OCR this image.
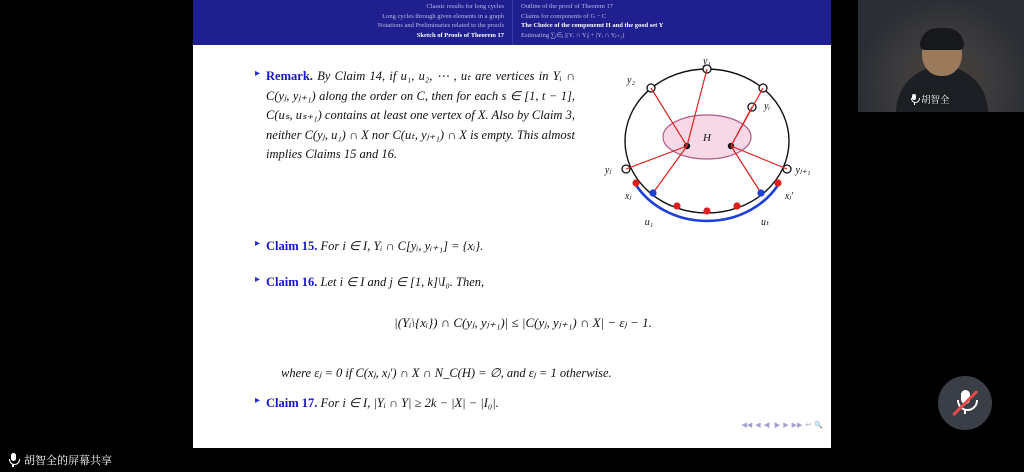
Classic results for long cycles
Long cycles through given elements in a graph
Notations and Preliminaries related to the proofs
Sketch of Proofs of Theorem 17
Outline of the proof of Theorem 17
Claims for components of G − C
The Choice of the componemt H and the good set Y
Estimating ∑ⱼ∈ⱼ |(Yᵢ ∩ Yⱼ| + |Yᵢ ∩ Yⱼ₊₁)
▸ Remark. By Claim 14, if u₁, u₂, ⋯ , uₜ are vertices in Yᵢ ∩ C(yⱼ, yⱼ₊₁) along the order on C, then for each s ∈ [1, t − 1], C(uₛ, uₛ₊₁) contains at least one vertex of X. Also by Claim 3, neither C(yⱼ, u₁) ∩ X nor C(uₜ, yⱼ₊₁) ∩ X is empty. This almost implies Claims 15 and 16.
H
y₁
y₂
yᵢ
yⱼ	yⱼ₊₁
xⱼ	xⱼ′
u₁	uₜ
▸ Claim 15. For i ∈ I, Yᵢ ∩ C[yᵢ, yᵢ₊₁] = {xᵢ}.
▸ Claim 16. Let i ∈ I and j ∈ [1, k]\I₀. Then,
|(Yᵢ\{xᵢ}) ∩ C(yⱼ, yⱼ₊₁)| ≤ |C(yⱼ, yⱼ₊₁) ∩ X| − εⱼ − 1.
where εⱼ = 0 if C(xⱼ, xⱼ′) ∩ X ∩ N_C(H) = ∅, and εⱼ = 1 otherwise.
▸ Claim 17. For i ∈ I, |Yᵢ ∩ Y| ≥ 2k − |X| − |I₀|.
◀◀ ◀ ◀| |▶ ▶ ▶▶ ↩ 🔍
胡智全
胡智全的屏幕共享
